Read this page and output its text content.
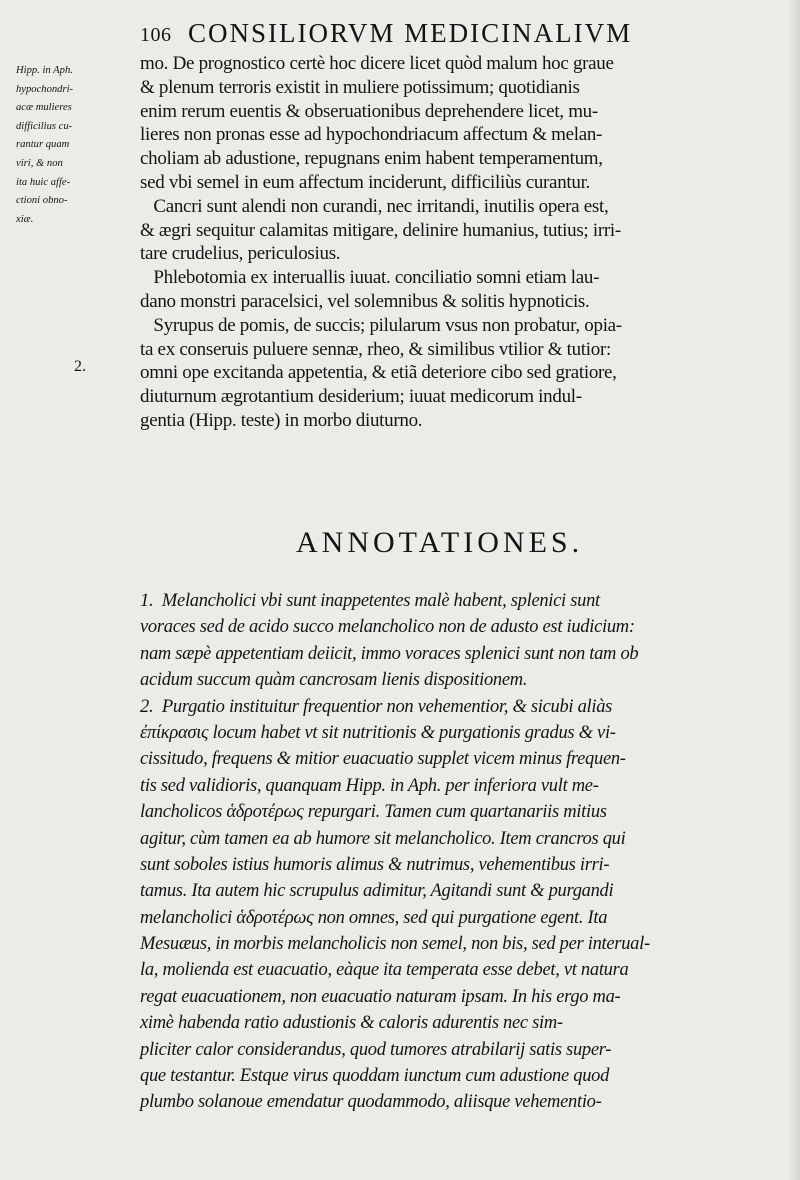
106 CONSILIORVM MEDICINALIVM
Hipp. in Aph.
hypochondri-
acæ mulieres
difficilius cu-
rantur quam
viri, & non
ita huic affe-
ctioni obno-
xiæ.
2.
mo. De prognostico certè hoc dicere licet quòd malum hoc graue
& plenum terroris existit in muliere potissimum; quotidianis
enim rerum euentis & obseruationibus deprehendere licet, mu-
lieres non pronas esse ad hypochondriacum affectum & melan-
choliam ab adustione, repugnans enim habent temperamentum,
sed vbi semel in eum affectum inciderunt, difficiliùs curantur.
Cancri sunt alendi non curandi, nec irritandi, inutilis opera est,
& ægri sequitur calamitas mitigare, delinire humanius, tutius; irri-
tare crudelius, periculosius.
Phlebotomia ex interuallis iuuat. conciliatio somni etiam lau-
dano monstri paracelsici, vel solemnibus & solitis hypnoticis.
Syrupus de pomis, de succis; pilularum vsus non probatur, opia-
ta ex conseruis puluere sennæ, rheo, & similibus vtilior & tutior:
omni ope excitanda appetentia, & etiã deteriore cibo sed gratiore,
diuturnum ægrotantium desiderium; iuuat medicorum indul-
gentia (Hipp. teste) in morbo diuturno.
ANNOTATIONES.
1.  Melancholici vbi sunt inappetentes malè habent, splenici sunt
voraces sed de acido succo melancholico non de adusto est iudicium:
nam sæpè appetentiam deiicit, immo voraces splenici sunt non tam ob
acidum succum quàm cancrosam lienis dispositionem.
2.  Purgatio instituitur frequentior non vehementior, & sicubi aliàs
ἐπίκρασις locum habet vt sit nutritionis & purgationis gradus & vi-
cissitudo, frequens & mitior euacuatio supplet vicem minus frequen-
tis sed validioris, quanquam Hipp. in Aph. per inferiora vult me-
lancholicos ἁδροτέρως repurgari. Tamen cum quartanariis mitius
agitur, cùm tamen ea ab humore sit melancholico. Item crancros qui
sunt soboles istius humoris alimus & nutrimus, vehementibus irri-
tamus. Ita autem hic scrupulus adimitur, Agitandi sunt & purgandi
melancholici ἁδροτέρως non omnes, sed qui purgatione egent. Ita
Mesuæus, in morbis melancholicis non semel, non bis, sed per interual-
la, molienda est euacuatio, eàque ita temperata esse debet, vt natura
regat euacuationem, non euacuatio naturam ipsam. In his ergo ma-
ximè habenda ratio adustionis & caloris adurentis nec sim-
pliciter calor considerandus, quod tumores atrabilarij satis super-
que testantur. Estque virus quoddam iunctum cum adustione quod
plumbo solanoue emendatur quodammodo, aliisque vehementio-
